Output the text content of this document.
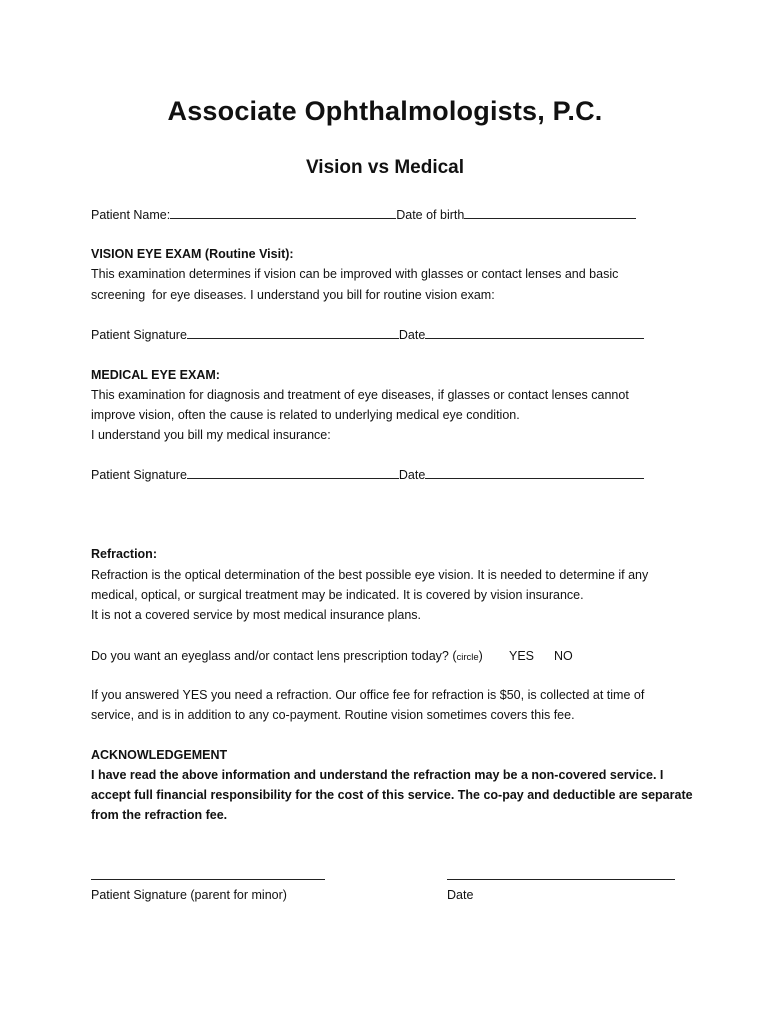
Associate Ophthalmologists, P.C.
Vision vs Medical
Patient Name:	Date of birth
VISION EYE EXAM (Routine Visit):
This examination determines if vision can be improved with glasses or contact lenses and basic
screening  for eye diseases. I understand you bill for routine vision exam:
Patient Signature	Date
MEDICAL EYE EXAM:
This examination for diagnosis and treatment of eye diseases, if glasses or contact lenses cannot
improve vision, often the cause is related to underlying medical eye condition.
I understand you bill my medical insurance:
Patient Signature	Date
Refraction:
Refraction is the optical determination of the best possible eye vision. It is needed to determine if any
medical, optical, or surgical treatment may be indicated. It is covered by vision insurance.
It is not a covered service by most medical insurance plans.
Do you want an eyeglass and/or contact lens prescription today? (circle) YES NO
If you answered YES you need a refraction. Our office fee for refraction is $50, is collected at time of
service, and is in addition to any co-payment. Routine vision sometimes covers this fee.
ACKNOWLEDGEMENT
I have read the above information and understand the refraction may be a non-covered service. I
accept full financial responsibility for the cost of this service. The co-pay and deductible are separate
from the refraction fee.
Patient Signature (parent for minor)	Date
